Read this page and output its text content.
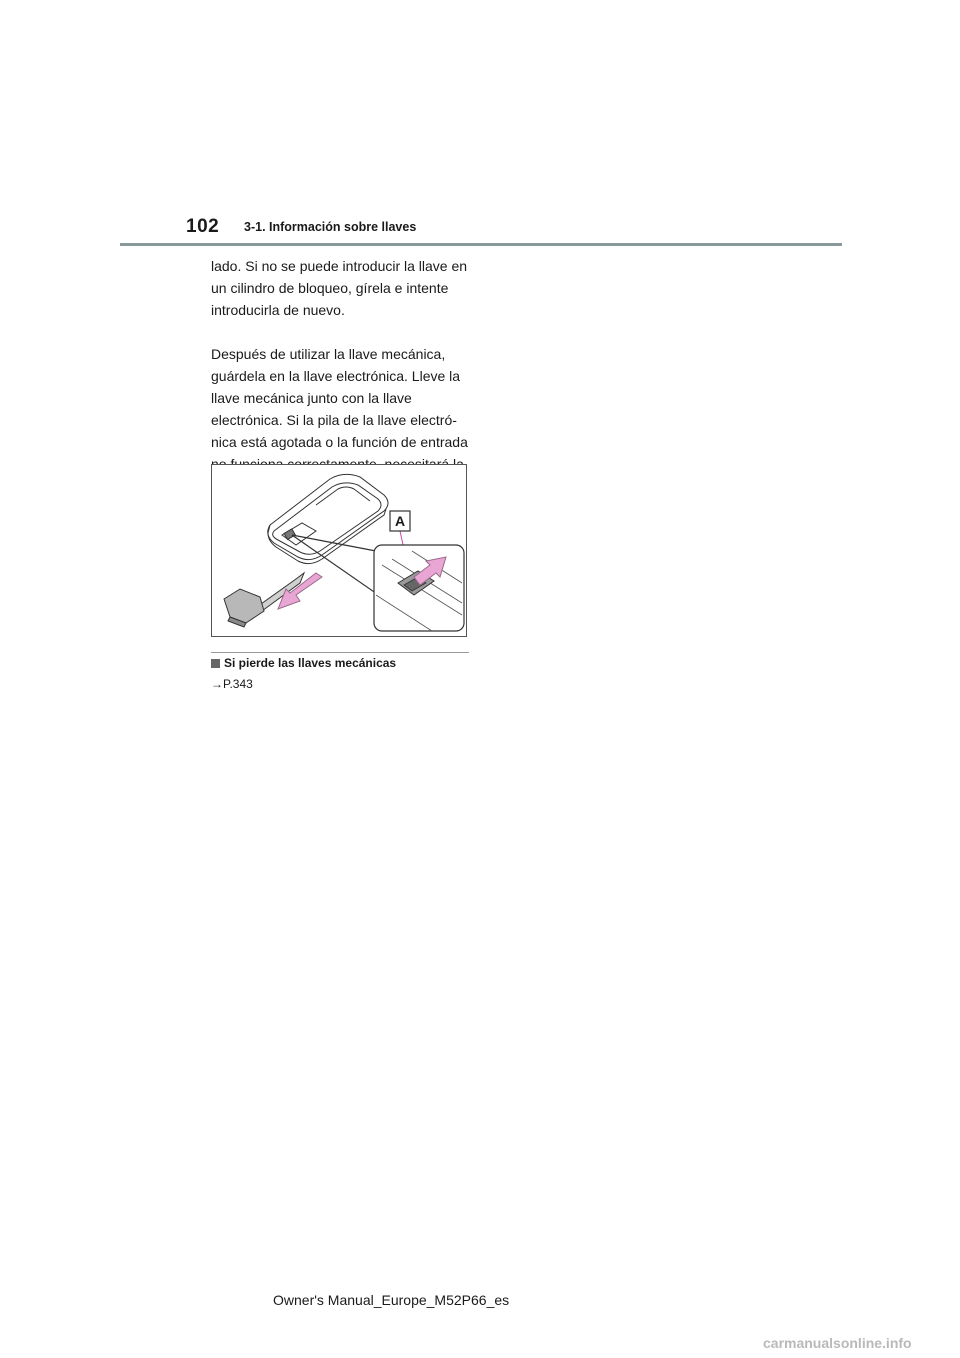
102 3-1. Información sobre llaves

lado. Si no se puede introducir la llave en un cilindro de bloqueo, gírela e intente introducirla de nuevo.

Después de utilizar la llave mecánica, guárdela en la llave electrónica. Lleve la llave mecánica junto con la llave electrónica. Si la pila de la llave electró-nica está agotada o la función de entrada

A
Si pierde las llaves mecánicas
→P.343
Owner's Manual_Europe_M52P66_es
carmanualsonline.info
